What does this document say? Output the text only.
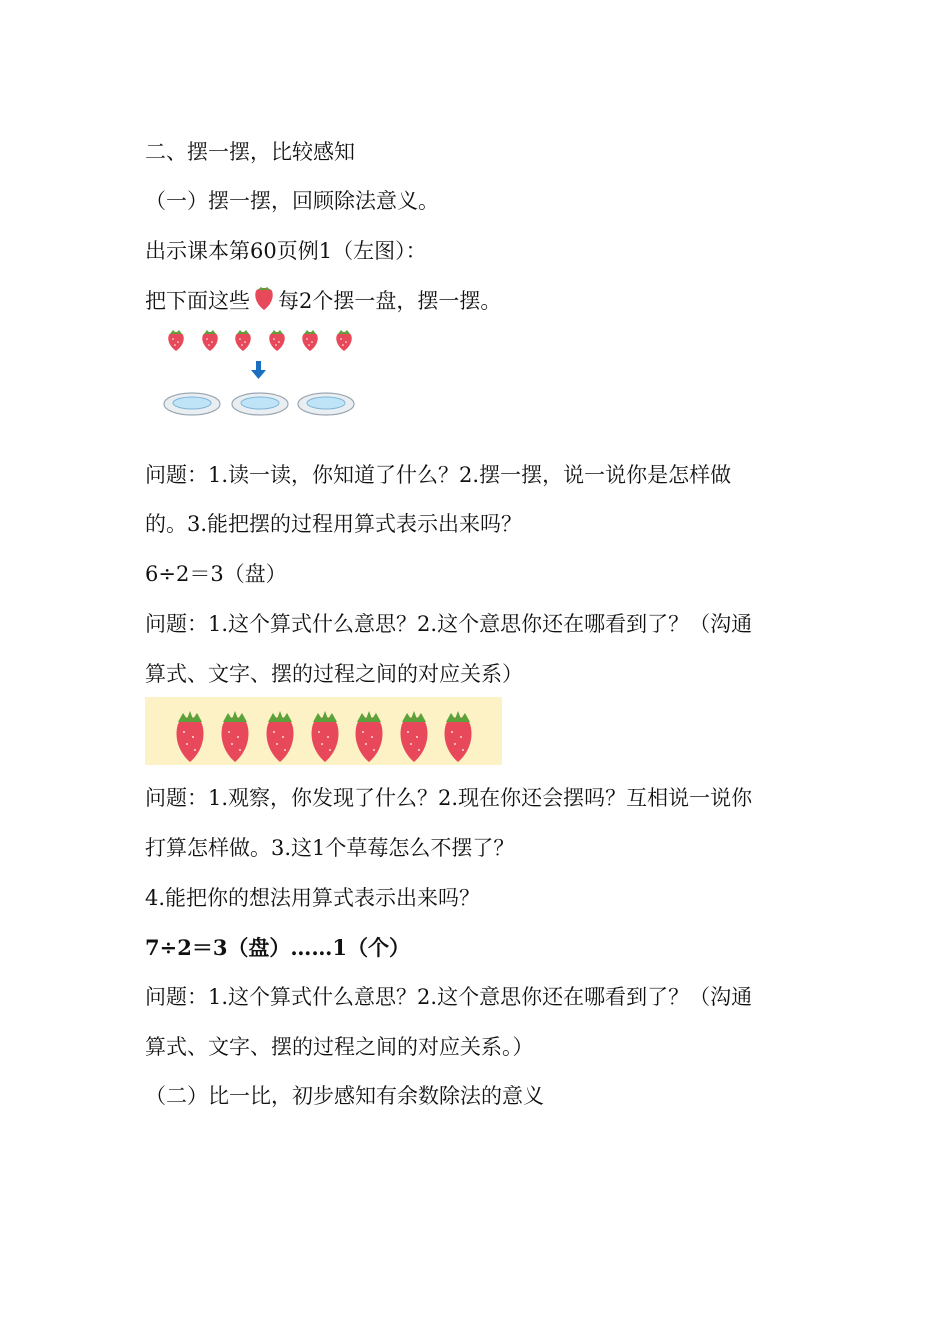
二、摆一摆，比较感知
（一）摆一摆，回顾除法意义。
出示课本第60页例1（左图）：
把下面这些 每2个摆一盘，摆一摆。
问题：1.读一读，你知道了什么？2.摆一摆，说一说你是怎样做
的。3.能把摆的过程用算式表示出来吗？
6÷2＝3（盘）
问题：1.这个算式什么意思？2.这个意思你还在哪看到了？（沟通
算式、文字、摆的过程之间的对应关系）
问题：1.观察，你发现了什么？2.现在你还会摆吗？互相说一说你
打算怎样做。3.这1个草莓怎么不摆了？
4.能把你的想法用算式表示出来吗？
7÷2＝3（盘）……1（个）
问题：1.这个算式什么意思？2.这个意思你还在哪看到了？（沟通
算式、文字、摆的过程之间的对应关系。）
（二）比一比，初步感知有余数除法的意义
